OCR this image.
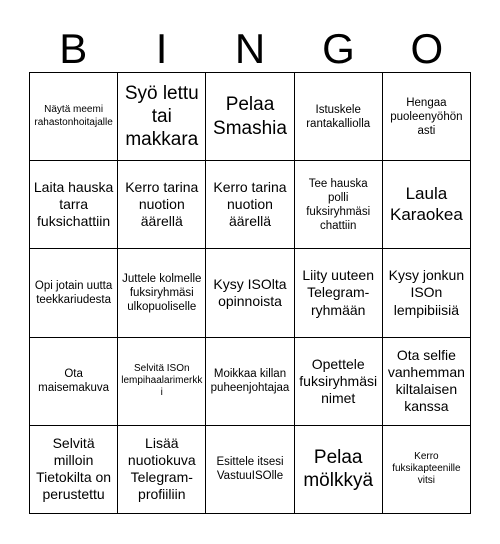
B	I	N	G	O
Näytä meemi rahastonhoitajalle
Syö lettu tai makkara
Pelaa Smashia
Istuskele rantakalliolla
Hengaa puoleenyöhön asti
Laita hauska tarra fuksichattiin
Kerro tarina nuotion äärellä
Kerro tarina nuotion äärellä
Tee hauska polli fuksiryhmäsi chattiin
Laula Karaokea
Opi jotain uutta teekkariudesta
Juttele kolmelle fuksiryhmäsi ulkopuoliselle
Kysy ISOlta opinnoista
Liity uuteen Telegram-ryhmään
Kysy jonkun ISOn lempibiisiä
Ota maisemakuva
Selvitä ISOn lempihaalarimerkki
Moikkaa killan puheenjohtajaa
Opettele fuksiryhmäsi nimet
Ota selfie vanhemman kiltalaisen kanssa
Selvitä milloin Tietokilta on perustettu
Lisää nuotiokuva Telegram-profiiliin
Esittele itsesi VastuuISOlle
Pelaa mölkkyä
Kerro fuksikapteenille vitsi
